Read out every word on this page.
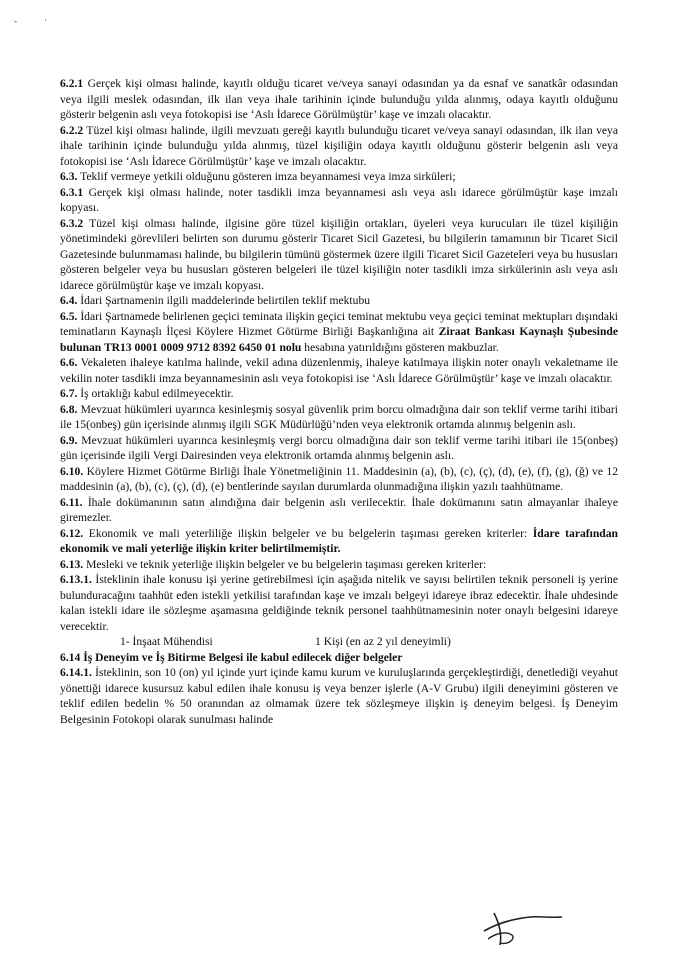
-	·

6.2.1 Gerçek kişi olması halinde, kayıtlı olduğu ticaret ve/veya sanayi odasından ya da esnaf ve sanatkâr odasından veya ilgili meslek odasından, ilk ilan veya ihale tarihinin içinde bulunduğu yılda alınmış, odaya kayıtlı olduğunu gösterir belgenin aslı veya fotokopisi ise ‘Aslı İdarece Görülmüştür’ kaşe ve imzalı olacaktır.

6.2.2 Tüzel kişi olması halinde, ilgili mevzuatı gereği kayıtlı bulunduğu ticaret ve/veya sanayi odasından, ilk ilan veya ihale tarihinin içinde bulunduğu yılda alınmış, tüzel kişiliğin odaya kayıtlı olduğunu gösterir belgenin aslı veya fotokopisi ise ‘Aslı İdarece Görülmüştür’ kaşe ve imzalı olacaktır.

6.3. Teklif vermeye yetkili olduğunu gösteren imza beyannamesi veya imza sirküleri;

6.3.1 Gerçek kişi olması halinde, noter tasdikli imza beyannamesi aslı veya aslı idarece görülmüştür kaşe imzalı kopyası.

6.3.2 Tüzel kişi olması halinde, ilgisine göre tüzel kişiliğin ortakları, üyeleri veya kurucuları ile tüzel kişiliğin yönetimindeki görevlileri belirten son durumu gösterir Ticaret Sicil Gazetesi, bu bilgilerin tamamının bir Ticaret Sicil Gazetesinde bulunmaması halinde, bu bilgilerin tümünü göstermek üzere ilgili Ticaret Sicil Gazeteleri veya bu hususları gösteren belgeler veya bu hususları gösteren belgeleri ile tüzel kişiliğin noter tasdikli imza sirkülerinin aslı veya aslı idarece görülmüştür kaşe ve imzalı kopyası.

6.4. İdari Şartnamenin ilgili maddelerinde belirtilen teklif mektubu

6.5. İdari Şartnamede belirlenen geçici teminata ilişkin geçici teminat mektubu veya geçici teminat mektupları dışındaki teminatların Kaynaşlı İlçesi Köylere Hizmet Götürme Birliği Başkanlığına ait Ziraat Bankası Kaynaşlı Şubesinde bulunan TR13 0001 0009 9712 8392 6450 01 nolu hesabına yatırıldığını gösteren makbuzlar.

6.6. Vekaleten ihaleye katılma halinde, vekil adına düzenlenmiş, ihaleye katılmaya ilişkin noter onaylı vekaletname ile vekilin noter tasdikli imza beyannamesinin aslı veya fotokopisi ise ‘Aslı İdarece Görülmüştür’ kaşe ve imzalı olacaktır.

6.7. İş ortaklığı kabul edilmeyecektir.

6.8. Mevzuat hükümleri uyarınca kesinleşmiş sosyal güvenlik prim borcu olmadığına dair son teklif verme tarihi itibari ile 15(onbeş) gün içerisinde alınmış ilgili SGK Müdürlüğü’nden veya elektronik ortamda alınmış belgenin aslı.

6.9. Mevzuat hükümleri uyarınca kesinleşmiş vergi borcu olmadığına dair son teklif verme tarihi itibari ile 15(onbeş) gün içerisinde ilgili Vergi Dairesinden veya elektronik ortamda alınmış belgenin aslı.

6.10. Köylere Hizmet Götürme Birliği İhale Yönetmeliğinin 11. Maddesinin (a), (b), (c), (ç), (d), (e), (f), (g), (ğ) ve 12 maddesinin (a), (b), (c), (ç), (d), (e) bentlerinde sayılan durumlarda olunmadığına ilişkin yazılı taahhütname.

6.11. İhale dokümanının satın alındığına dair belgenin aslı verilecektir. İhale dokümanını satın almayanlar ihaleye giremezler.

6.12. Ekonomik ve mali yeterliliğe ilişkin belgeler ve bu belgelerin taşıması gereken kriterler: İdare tarafından ekonomik ve mali yeterliğe ilişkin kriter belirtilmemiştir.

6.13. Mesleki ve teknik yeterliğe ilişkin belgeler ve bu belgelerin taşıması gereken kriterler:

6.13.1. İsteklinin ihale konusu işi yerine getirebilmesi için aşağıda nitelik ve sayısı belirtilen teknik personeli iş yerine bulunduracağını taahhüt eden istekli yetkilisi tarafından kaşe ve imzalı belgeyi idareye ibraz edecektir. İhale uhdesinde kalan istekli idare ile sözleşme aşamasına geldiğinde teknik personel taahhütnamesinin noter onaylı belgesini idareye verecektir.

1- İnşaat Mühendisi	1 Kişi (en az 2 yıl deneyimli)

6.14 İş Deneyim ve İş Bitirme Belgesi ile kabul edilecek diğer belgeler

6.14.1. İsteklinin, son 10 (on) yıl içinde yurt içinde kamu kurum ve kuruluşlarında gerçekleştirdiği, denetlediği veyahut yönettiği idarece kusursuz kabul edilen ihale konusu iş veya benzer işlerle (A-V Grubu) ilgili deneyimini gösteren ve teklif edilen bedelin % 50 oranından az olmamak üzere tek sözleşmeye ilişkin iş deneyim belgesi. İş Deneyim Belgesinin Fotokopi olarak sunulması halinde
